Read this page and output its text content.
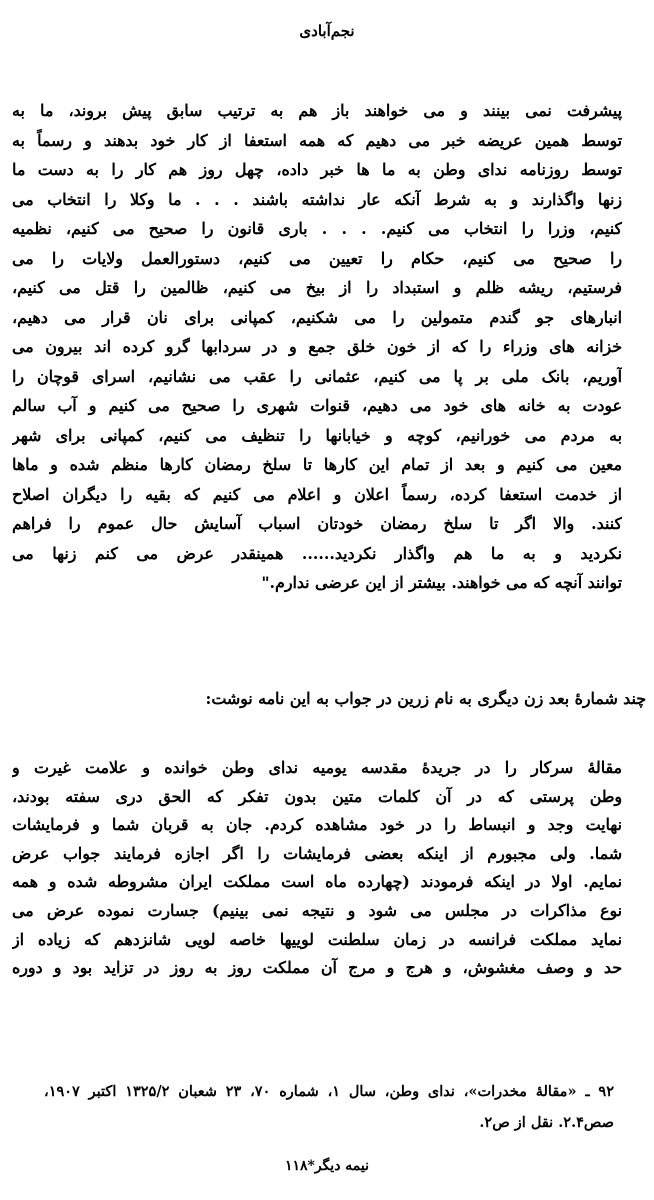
نجم‌آبادی
پیشرفت نمی بینند و می خواهند باز هم به ترتیب سابق پیش بروند، ما به
توسط همین عریضه خبر می دهیم که همه استعفا از کار خود بدهند و رسماً به
توسط روزنامه ندای وطن به ما ها خبر داده، چهل روز هم کار را به دست ما
زنها واگذارند و به شرط آنکه عار نداشته باشند . . . ما وکلا را انتخاب می
کنیم، وزرا را انتخاب می کنیم. . . . باری قانون را صحیح می کنیم، نظمیه
را صحیح می کنیم، حکام را تعیین می کنیم، دستورالعمل ولایات را می
فرستیم، ریشه ظلم و استبداد را از بیخ می کنیم، ظالمین را قتل می کنیم،
انبارهای جو گندم متمولین را می شکنیم، کمپانی برای نان قرار می دهیم،
خزانه های وزراء را که از خون خلق جمع و در سردابها گرو کرده اند بیرون می
آوریم، بانک ملی بر پا می کنیم، عثمانی را عقب می نشانیم، اسرای قوچان را
عودت به خانه های خود می دهیم، قنوات شهری را صحیح می کنیم و آب سالم
به مردم می خورانیم، کوچه و خیابانها را تنظیف می کنیم، کمپانی برای شهر
معین می کنیم و بعد از تمام این کارها تا سلخ رمضان کارها منظم شده و ماها
از خدمت استعفا کرده، رسماً اعلان و اعلام می کنیم که بقیه را دیگران اصلاح
کنند. والا اگر تا سلخ رمضان خودتان اسباب آسایش حال عموم را فراهم
نکردید و به ما هم واگذار نکردید...... همینقدر عرض می کنم زنها می
توانند آنچه که می خواهند. بیشتر از این عرضی ندارم."
چند شمارهٔ بعد زن دیگری به نام زرین در جواب به این نامه نوشت:
مقالهٔ سرکار را در جریدهٔ مقدسه یومیه ندای وطن خوانده و علامت غیرت و
وطن پرستی که در آن کلمات متین بدون تفکر که الحق دری سفته بودند،
نهایت وجد و انبساط را در خود مشاهده کردم. جان به قربان شما و فرمایشات
شما. ولی مجبورم از اینکه بعضی فرمایشات را اگر اجازه فرمایند جواب عرض
نمایم. اولا در اینکه فرمودند (چهارده ماه است مملکت ایران مشروطه شده و همه
نوع مذاکرات در مجلس می شود و نتیجه نمی بینیم) جسارت نموده عرض می
نماید مملکت فرانسه در زمان سلطنت لوییها خاصه لویی شانزدهم که زیاده از
حد و وصف مغشوش، و هرج و مرج آن مملکت روز به روز در تزاید بود و دوره
۹۲ ـ «مقالهٔ مخدرات»، ندای وطن، سال ۱، شماره ۷۰، ۲۳ شعبان ۱۳۲۵/۲ اکتبر ۱۹۰۷،
صص۲.۴. نقل از ص۲.
نیمه دیگر*۱۱۸
